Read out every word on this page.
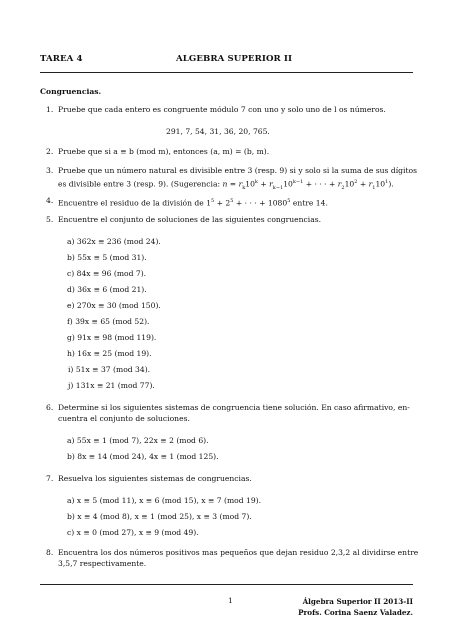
TAREA 4	ALGEBRA SUPERIOR II
Congruencias.
1. Pruebe que cada entero es congruente módulo 7 con uno y solo uno de l os números.
291, 7, 54, 31, 36, 20, 765.
2. Pruebe que si a ≡ b (mod m), entonces (a, m) = (b, m).
3. Pruebe que un número natural es divisible entre 3 (resp. 9) si y solo si la suma de sus dígitos
es divisible entre 3 (resp. 9). (Sugerencia: $n = r_k10^k + r_{k-1}10^{k-1}$ + · · · + $r_210^2 + r_110^1$).
4. Encuentre el residuo de la división de $1^5 + 2^5$ + · · · + $1080^5$ entre 14.
5. Encuentre el conjunto de soluciones de las siguientes congruencias.
a) 362x ≡ 236 (mod 24).
b) 55x ≡ 5 (mod 31).
c) 84x ≡ 96 (mod 7).
d) 36x ≡ 6 (mod 21).
e) 270x ≡ 30 (mod 150).
f) 39x ≡ 65 (mod 52).
g) 91x ≡ 98 (mod 119).
h) 16x ≡ 25 (mod 19).
i) 51x ≡ 37 (mod 34).
j) 131x ≡ 21 (mod 77).
6. Determine si los siguientes sistemas de congruencia tiene solución. En caso afirmativo, en-
cuentra el conjunto de soluciones.
a) 55x ≡ 1 (mod 7), 22x ≡ 2 (mod 6).
b) 8x ≡ 14 (mod 24), 4x ≡ 1 (mod 125).
7. Resuelva los siguientes sistemas de congruencias.
a) x ≡ 5 (mod 11), x ≡ 6 (mod 15), x ≡ 7 (mod 19).
b) x ≡ 4 (mod 8), x ≡ 1 (mod 25), x ≡ 3 (mod 7).
c) x ≡ 0 (mod 27), x ≡ 9 (mod 49).
8. Encuentra los dos números positivos mas pequeños que dejan residuo 2,3,2 al dividirse entre
3,5,7 respectivamente.
1	Álgebra Superior II 2013-II
Profs. Corina Saenz Valadez.
